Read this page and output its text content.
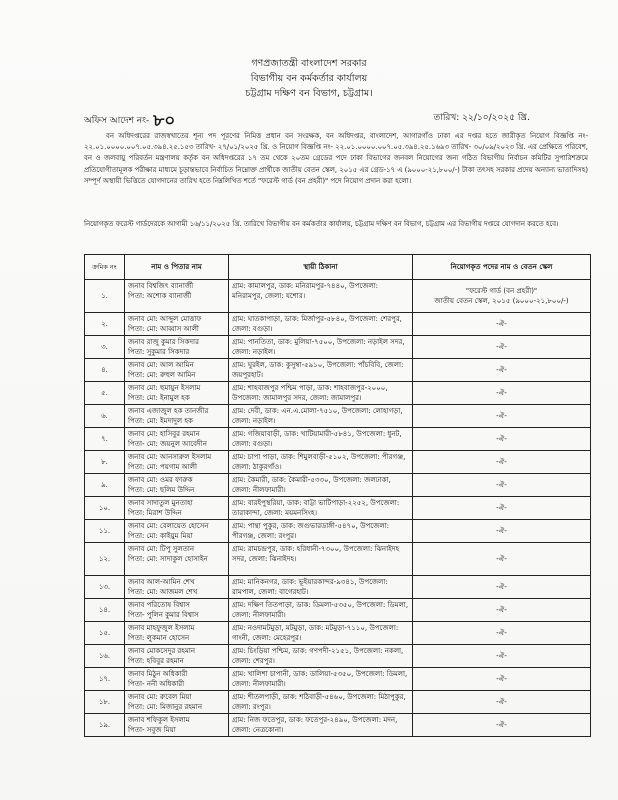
গণপ্রজাতন্ত্রী বাংলাদেশ সরকার
বিভাগীয় বন কর্মকর্তার কার্যালয়
চট্টগ্রাম দক্ষিণ বন বিভাগ, চট্টগ্রাম।
অফিস আদেশ নং- ৮০	তারিখ: ২২/১০/২০২৫ খ্রি.
বন অধিদপ্তরের রাজস্বখাতের শূন্য পদ পূরণের নিমিত্ত প্রধান বন সংরক্ষক, বন অধিদপ্তর, বাংলাদেশ, আগারগাঁও ঢাকা এর দপ্তর হতে জারীকৃত নিয়োগ বিজ্ঞপ্তি নং- ২২.০১.০০০০.০০৭.০৫.৩৯৪.২৫.১৫৩ তারিখ- ২৭/০১/২০২৫ খ্রি. ও নিয়োগ বিজ্ঞপ্তি নং- ২২.০১.০০০০.০০৭.০৫.৩৯৪.২৫.১৬৯৩ তারিখ- ৩০/০৯/২০২৩ খ্রি. এর প্রেক্ষিতে পরিবেশ, বন ও জলবায়ু পরিবর্তন মন্ত্রণালয় কর্তৃক বন অধিদপ্তরের ১৭ তম থেকে ২০তম গ্রেডের পদে ঢাকা বিভাগের জনবল নিয়োগের জন্য গঠিত বিভাগীয় নির্বাচন কমিটির সুপারিশক্রমে প্রতিযোগীতামূলক পরীক্ষার মাধ্যমে চূড়ান্তভাবে নির্বাচিত নিম্নোক্ত প্রার্থীকে জাতীয় বেতন স্কেল, ২০১৫ এর গ্রেড-১৭ এ (৯০০০-২১,৮০০/-) টাকা তৎসহ সরকার প্রদেয় অন্যান্য ভাতাদিসহ) সম্পূর্ণ অস্থায়ী ভিত্তিতে যোগদানের তারিখ হতে নিম্নলিখিত শর্তে "ফরেস্ট গার্ড (বন প্রহরী)" পদে নিয়োগ প্রদান করা হলো।
নিয়োগকৃত ফরেস্ট গার্ডদেরকে আগামী ১৬/১১/২০২৫ খ্রি. তারিখে বিভাগীয় বন কর্মকর্তার কার্যালয়, চট্টগ্রাম দক্ষিণ বন বিভাগ, চট্টগ্রাম এর বিভাগীয় দপ্তরে যোগদান করতে হবে।
ক্রমিক নং	নাম ও পিতার নাম	স্থায়ী ঠিকানা	নিয়োগকৃত পদের নাম ও বেতন স্কেল
১.	জনাব বিশ্বজিৎ ব্যানার্জী
পিতা: অশোক ব্যানার্জী	গ্রাম: কামালপুর, ডাক: মনিরামপুর-৭৪৪০, উপজেলা: মনিরামপুর, জেলা: যশোর।	"ফরেস্ট গার্ড (বন প্রহরী)"
জাতীয় বেতন স্কেল, ২০১৫ (৯০০০-২১,৮০০/-)

২.	জনাব মো: আব্দুল মোত্তাফ
পিতা: মো: আব্বাস আলী	গ্রাম: ঘাতকাপাড়া, ডাক: মির্জাপুর-৫৮৪০, উপজেলা: শেরপুর, জেলা: বগুড়া।	-ঐ-
৩.	জনাব রাজু কুমার সিকদার
পিতা: সুকুমার সিকদার	গ্রাম: পানতিতা, ডাক: মুলিয়া-৭৫০০, উপজেলা: নড়াইল সদর, জেলা: নড়াইল।	-ঐ-
৪.	জনাব মো: আল আমিন
পিতা: মো: রুহুল আমিন	গ্রাম: ঘুরইল, ডাক: কুসুম্বা-৫৯১০, উপজেলা: পাঁচবিবি, জেলা: জয়পুরহাট।	-ঐ-
৫.	জনাব মো: হুমায়ুন ইসলাম
পিতা: মো: ইনামুল হক	গ্রাম: শাহবাজপুর পশ্চিম পাড়া, ডাক: শাহবাজপুর-২০০০, উপজেলা: জামালপুর সদর, জেলা: জামালপুর।	-ঐ-
৬.	জনাব এজাজুল হক তানজীর
পিতা: মো: ইমদাদুল হক	গ্রাম: দেবী, ডাক: এন.এ.মোলা-৭৫১০, উপজেলা: লোহাগড়া, জেলা: নড়াইল।	-ঐ-
৭.	জনাব মো: হাসিবুর রহমান
পিতা- মো: জয়নুল আবেদীন	গ্রাম: গজিয়াবাড়ী, ডাক: খাটিয়ামারী-৫৮৪১, উপজেলা: ধুনট, জেলা: বগুড়া।	-ঐ-
৮.	জনাব মো: আনসারুল ইসলাম
পিতা: মো: পয়গাম আলী	গ্রাম: চাপা পাড়া, ডাক: শিমুলবাড়ী-৫১০২, উপজেলা: পীরগঞ্জ, জেলা: ঠাকুরগাঁও।	-ঐ-
৯.	জনাব মো: ওমর ফারুক
পিতা: মো: ছলিম উদ্দিন	গ্রাম: কৈমারী, ডাক: কৈমারী-৫৩৩০, উপজেলা: জলঢাকা, জেলা: নীলফামারী।	-ঐ-
১০.	জনাব সাদাতুল মুনতাহা
পিতা: মিরাশ উদ্দিন	গ্রাম: বারইপুস্থরিয়া, ডাক: বাট্টা ভাটিপাড়া-২২৫২, উপজেলা: তারাকান্দা, জেলা: ময়মনসিংহ।	-ঐ-
১১.	জনাব মো: বেলায়েত হোসেন
পিতা: মো: কাইয়ুম মিয়া	গ্রাম: পান্থা পুকুর, ডাক: জগুভারডাঙ্গী-৫৪৭০, উপজেলা: পীরগঞ্জ, জেলা: রংপুর।	-ঐ-
১২.	জনাব মো: টিপু সুলতান
পিতা: মো: সাদাকুল হোসাইন	গ্রাম: রামচন্দ্রপুর, ডাক: হরিধানী-৭৩০০, উপজেলা: ঝিনাইদহ সদর, জেলা: ঝিনাইদহ।	-ঐ-
১৩.	জনাব আল-আমিন শেখ
পিতা: মো: আজমল শেখ	গ্রাম: মানিকনগর, ডাক: ভূইয়ারকান্দর-৯৩৪১, উপজেলা: রামপাল, জেলা: বাগেরহাট।	-ঐ-
১৪.	জনাব পরিতোষ বিশ্বাস
পিতা- পুলিন কুমার বিশ্বাস	গ্রাম: দক্ষিণ তিতপাড়া, ডাক: ডিমলা-৫৩৫০, উপজেলা: ডিমলা, জেলা: নীলফামারী।	-ঐ-
১৫.	জনাব মাহফুজুল ইসলাম
পিতা: লুকমান হোসেন	গ্রাম: নওদামটমুড়া, মটমুড়া, ডাক: মটমুড়া-৭১১০, উপজেলা: গাংনী, জেলা: মেহেরপুর।	-ঐ-
১৬.	জনাব মোকসেদুর রহমান
পিতা: হবিবুর রহমান	গ্রাম: চিংড়িয়া পশ্চিম, ডাক: গণপদী-২১৫১, উপজেলা: নকলা, জেলা: শেরপুর।	-ঐ-
১৭.	জনাব মিঠুন অধিকারী
পিতা- ননী অধিকারী	গ্রাম: খালিশা চাপানী, ডাক: ডালিয়া-৫৩৫০, উপজেলা: ডিমলা, জেলা: নীলফামারী।	-ঐ-
১৮.	জনাব মো: রুবেল মিয়া
পিতা: মো: মিজানুর রহমান	গ্রাম: শীতলপাড়ী, ডাক: শঠিবাড়ী-৫৪৬০, উপজেলা: মিঠাপুকুর, জেলা: রংপুর।	-ঐ-
১৯.	জনাব শফিকুল ইসলাম
পিতা- সবুজ মিয়া	গ্রাম: নিজ ফতেপুর, ডাক: ফতেপুর-২৪৯০, উপজেলা: মদন, জেলা: নেত্রকোনা।	-ঐ-
